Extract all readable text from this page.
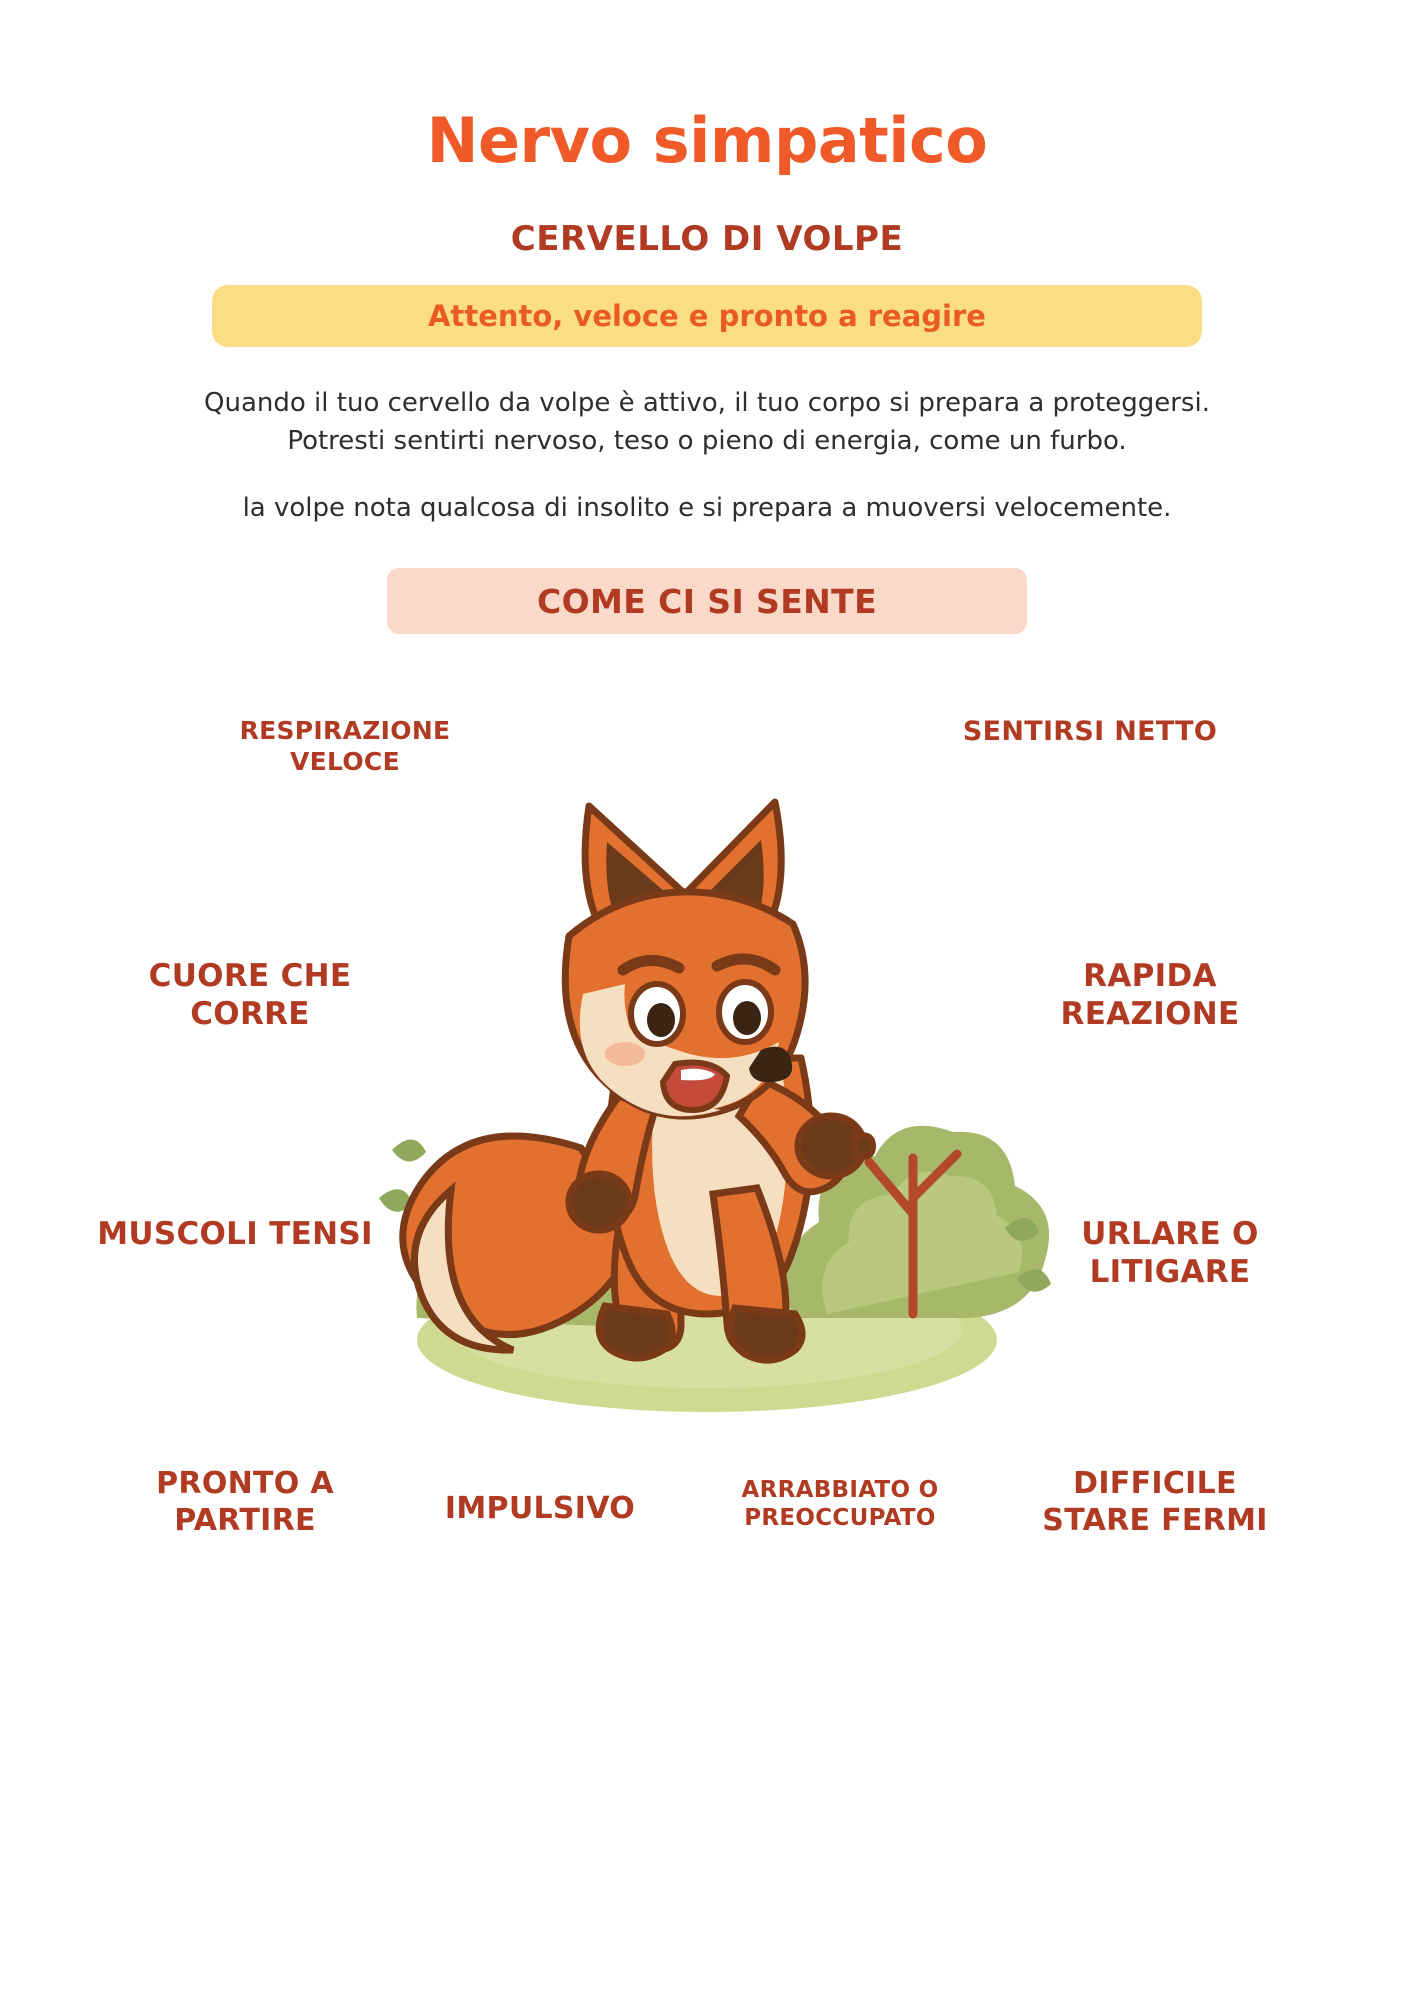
Nervo simpatico
CERVELLO DI VOLPE
Attento, veloce e pronto a reagire

Quando il tuo cervello da volpe è attivo, il tuo corpo si prepara a proteggersi. Potresti sentirti nervoso, teso o pieno di energia, come un furbo.

la volpe nota qualcosa di insolito e si prepara a muoversi velocemente.

COME CI SI SENTE
RESPIRAZIONE VELOCE
SENTIRSI NETTO
CUORE CHE CORRE
RAPIDA REAZIONE
MUSCOLI TENSI	URLARE O LITIGARE
PRONTO A PARTIRE	IMPULSIVO
ARRABBIATO O PREOCCUPATO
DIFFICILE STARE FERMI
